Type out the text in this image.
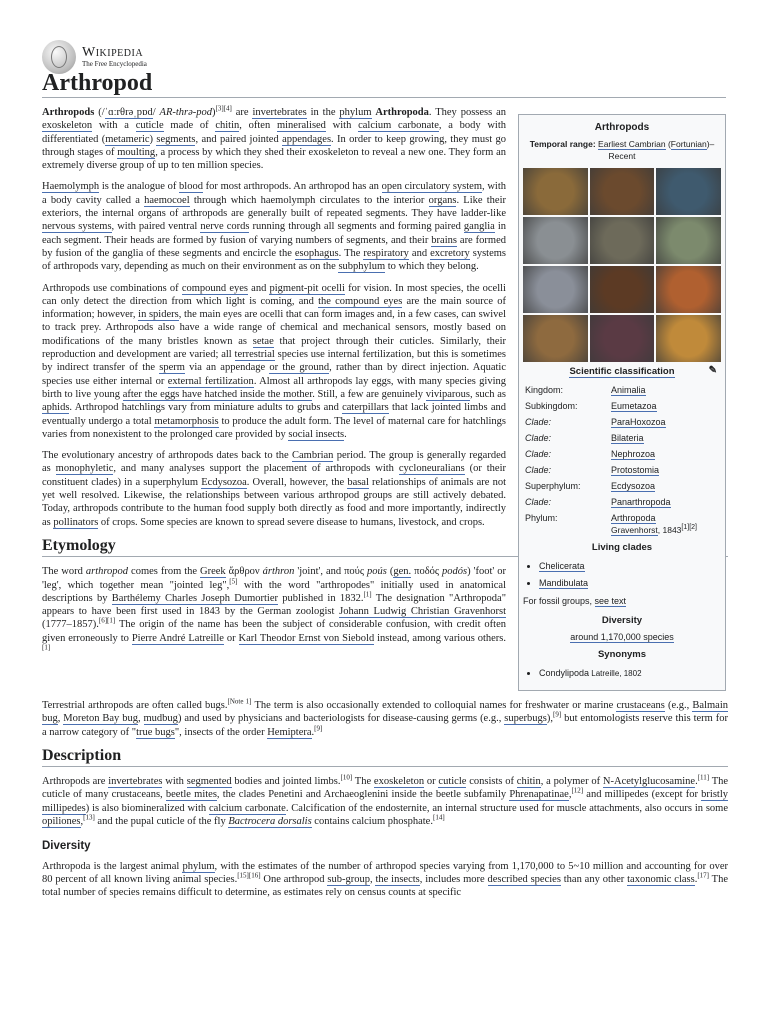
Wikipedia
The Free Encyclopedia
Arthropod
Arthropods
Temporal range: Earliest Cambrian (Fortunian)–Recent
Scientific classification	✎
Kingdom:	Animalia
Subkingdom:	Eumetazoa
Clade:	ParaHoxozoa
Clade:	Bilateria
Clade:	Nephrozoa
Clade:	Protostomia
Superphylum:	Ecdysozoa
Clade:	Panarthropoda
Phylum:	Arthropoda
Gravenhorst, 1843[1][2]
Living clades
• Chelicerata
• Mandibulata
For fossil groups, see text
Diversity
around 1,170,000 species
Synonyms
• Condylipoda Latreille, 1802

Arthropods (/ˈɑːrθrəˌpɒd/ AR-thrə-pod)[3][4] are invertebrates in the phylum Arthropoda. They possess an exoskeleton with a cuticle made of chitin, often mineralised with calcium carbonate, a body with differentiated (metameric) segments, and paired jointed appendages. In order to keep growing, they must go through stages of moulting, a process by which they shed their exoskeleton to reveal a new one. They form an extremely diverse group of up to ten million species.

Haemolymph is the analogue of blood for most arthropods. An arthropod has an open circulatory system, with a body cavity called a haemocoel through which haemolymph circulates to the interior organs. Like their exteriors, the internal organs of arthropods are generally built of repeated segments. They have ladder-like nervous systems, with paired ventral nerve cords running through all segments and forming paired ganglia in each segment. Their heads are formed by fusion of varying numbers of segments, and their brains are formed by fusion of the ganglia of these segments and encircle the esophagus. The respiratory and excretory systems of arthropods vary, depending as much on their environment as on the subphylum to which they belong.

Arthropods use combinations of compound eyes and pigment-pit ocelli for vision. In most species, the ocelli can only detect the direction from which light is coming, and the compound eyes are the main source of information; however, in spiders, the main eyes are ocelli that can form images and, in a few cases, can swivel to track prey. Arthropods also have a wide range of chemical and mechanical sensors, mostly based on modifications of the many bristles known as setae that project through their cuticles. Similarly, their reproduction and development are varied; all terrestrial species use internal fertilization, but this is sometimes by indirect transfer of the sperm via an appendage or the ground, rather than by direct injection. Aquatic species use either internal or external fertilization. Almost all arthropods lay eggs, with many species giving birth to live young after the eggs have hatched inside the mother. Still, a few are genuinely viviparous, such as aphids. Arthropod hatchlings vary from miniature adults to grubs and caterpillars that lack jointed limbs and eventually undergo a total metamorphosis to produce the adult form. The level of maternal care for hatchlings varies from nonexistent to the prolonged care provided by social insects.

The evolutionary ancestry of arthropods dates back to the Cambrian period. The group is generally regarded as monophyletic, and many analyses support the placement of arthropods with cycloneuralians (or their constituent clades) in a superphylum Ecdysozoa. Overall, however, the basal relationships of animals are not yet well resolved. Likewise, the relationships between various arthropod groups are still actively debated. Today, arthropods contribute to the human food supply both directly as food and more importantly, indirectly as pollinators of crops. Some species are known to spread severe disease to humans, livestock, and crops.

Etymology

The word arthropod comes from the Greek ἄρθρον árthron 'joint', and πούς poús (gen. ποδός podós) 'foot' or 'leg', which together mean "jointed leg",[5] with the word "arthropodes" initially used in anatomical descriptions by Barthélemy Charles Joseph Dumortier published in 1832.[1] The designation "Arthropoda" appears to have been first used in 1843 by the German zoologist Johann Ludwig Christian Gravenhorst (1777–1857).[6][1] The origin of the name has been the subject of considerable confusion, with credit often given erroneously to Pierre André Latreille or Karl Theodor Ernst von Siebold instead, among various others.[1]

Terrestrial arthropods are often called bugs.[Note 1] The term is also occasionally extended to colloquial names for freshwater or marine crustaceans (e.g., Balmain bug, Moreton Bay bug, mudbug) and used by physicians and bacteriologists for disease-causing germs (e.g., superbugs),[9] but entomologists reserve this term for a narrow category of "true bugs", insects of the order Hemiptera.[9]

Description

Arthropods are invertebrates with segmented bodies and jointed limbs.[10] The exoskeleton or cuticle consists of chitin, a polymer of N-Acetylglucosamine.[11] The cuticle of many crustaceans, beetle mites, the clades Penetini and Archaeoglenini inside the beetle subfamily Phrenapatinae,[12] and millipedes (except for bristly millipedes) is also biomineralized with calcium carbonate. Calcification of the endosternite, an internal structure used for muscle attachments, also occurs in some opiliones,[13] and the pupal cuticle of the fly Bactrocera dorsalis contains calcium phosphate.[14]

Diversity

Arthropoda is the largest animal phylum, with the estimates of the number of arthropod species varying from 1,170,000 to 5~10 million and accounting for over 80 percent of all known living animal species.[15][16] One arthropod sub-group, the insects, includes more described species than any other taxonomic class.[17] The total number of species remains difficult to determine, as estimates rely on census counts at specific
